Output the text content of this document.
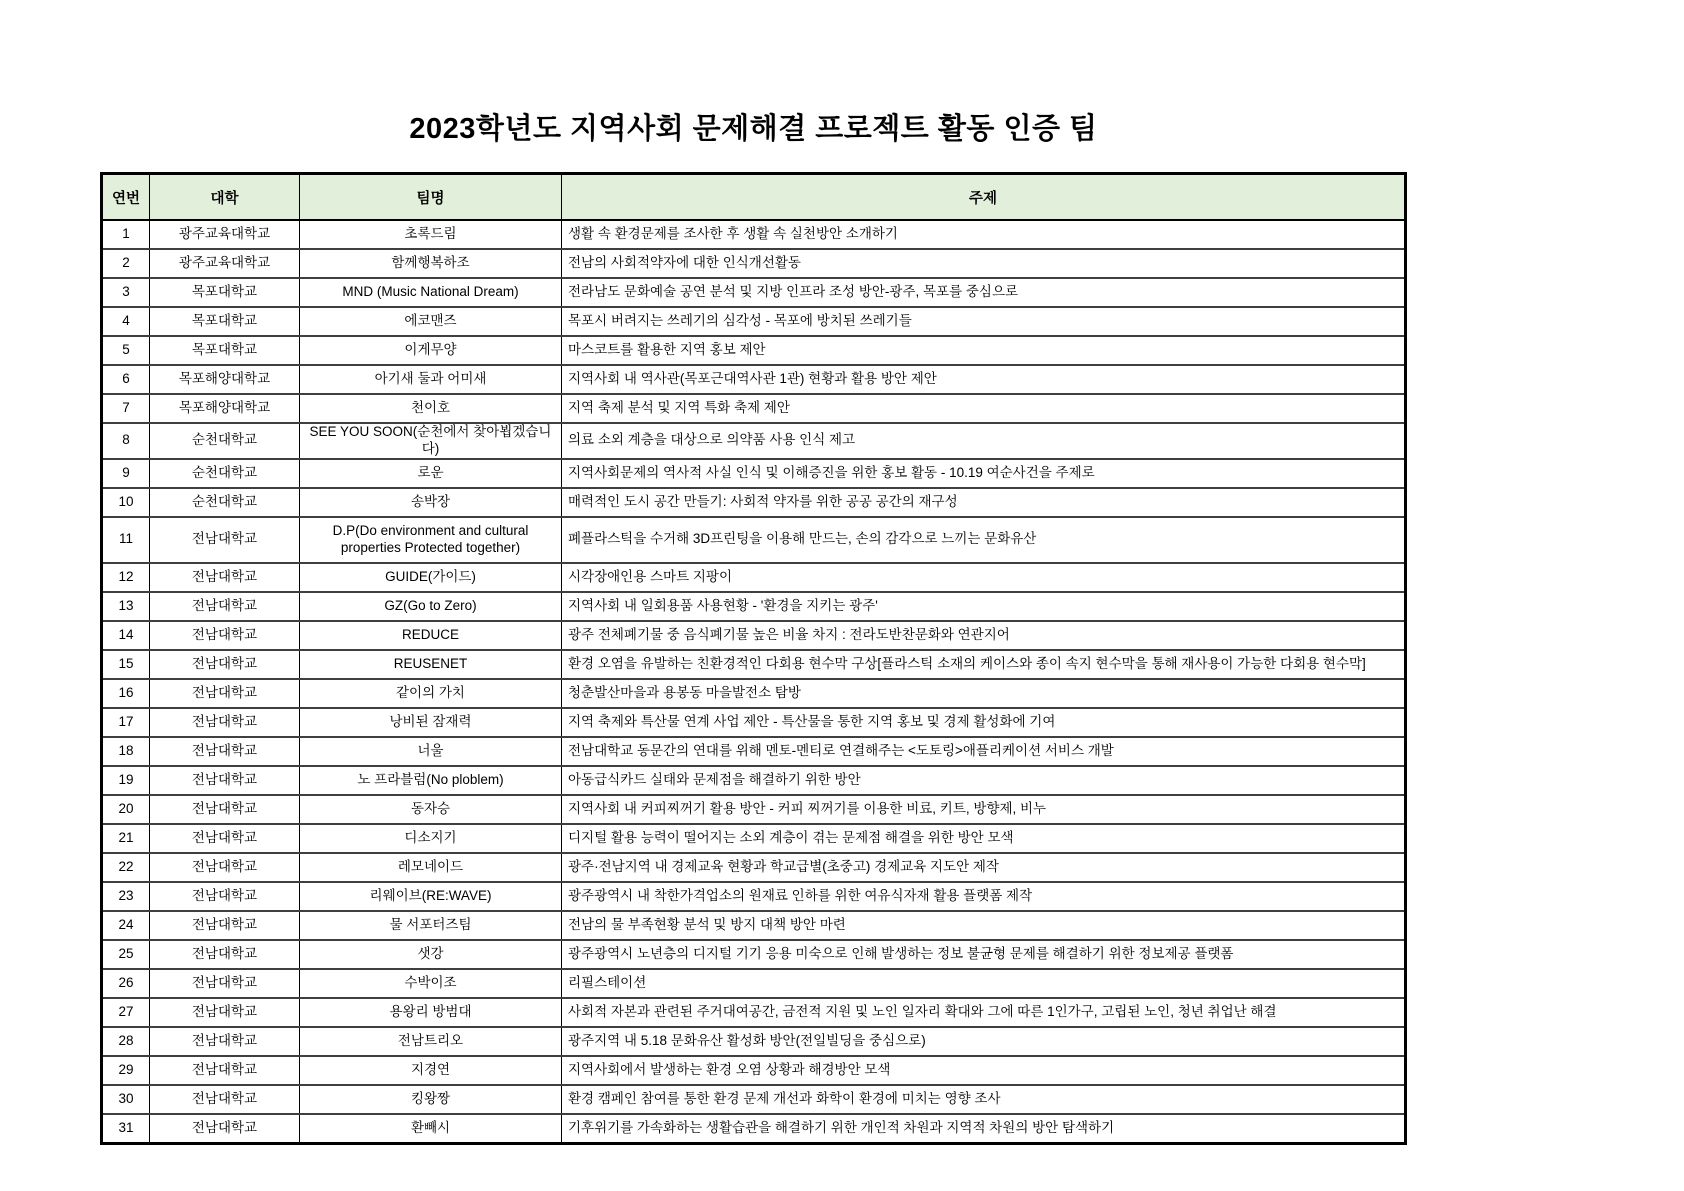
2023학년도 지역사회 문제해결 프로젝트 활동 인증 팀
연번	대학	팀명	주제
1	광주교육대학교	초록드림	생활 속 환경문제를 조사한 후 생활 속 실천방안 소개하기
2	광주교육대학교	함께행복하조	전남의 사회적약자에 대한 인식개선활동
3	목포대학교	MND (Music National Dream)	전라남도 문화예술 공연 분석 및 지방 인프라 조성 방안-광주, 목포를 중심으로
4	목포대학교	에코맨즈	목포시 버려지는 쓰레기의 심각성 - 목포에 방치된 쓰레기들
5	목포대학교	이게무양	마스코트를 활용한 지역 홍보 제안
6	목포해양대학교	아기새 둘과 어미새	지역사회 내 역사관(목포근대역사관 1관) 현황과 활용 방안 제안
7	목포해양대학교	천이호	지역 축제 분석 및 지역 특화 축제 제안
8	순천대학교	SEE YOU SOON(순천에서 찾아뵙겠습니다)	의료 소외 계층을 대상으로 의약품 사용 인식 제고
9	순천대학교	로운	지역사회문제의 역사적 사실 인식 및 이해증진을 위한 홍보 활동 - 10.19 여순사건을 주제로
10	순천대학교	송박장	매력적인 도시 공간 만들기: 사회적 약자를 위한 공공 공간의 재구성
11	전남대학교	D.P(Do environment and cultural properties Protected together)	폐플라스틱을 수거해 3D프린팅을 이용해 만드는, 손의 감각으로 느끼는 문화유산
12	전남대학교	GUIDE(가이드)	시각장애인용 스마트 지팡이
13	전남대학교	GZ(Go to Zero)	지역사회 내 일회용품 사용현황 - '환경을 지키는 광주'
14	전남대학교	REDUCE	광주 전체폐기물 중 음식폐기물 높은 비율 차지 : 전라도반찬문화와 연관지어
15	전남대학교	REUSENET	환경 오염을 유발하는 친환경적인 다회용 현수막 구상[플라스틱 소재의 케이스와 종이 속지 현수막을 통해 재사용이 가능한 다회용 현수막]
16	전남대학교	같이의 가치	청춘발산마을과 용봉동 마을발전소 탐방
17	전남대학교	낭비된 잠재력	지역 축제와 특산물 연계 사업 제안 - 특산물을 통한 지역 홍보 및 경제 활성화에 기여
18	전남대학교	너울	전남대학교 동문간의 연대를 위해 멘토-멘티로 연결해주는 <도토링>애플리케이션 서비스 개발
19	전남대학교	노 프라블럼(No ploblem)	아동급식카드 실태와 문제점을 해결하기 위한 방안
20	전남대학교	동자승	지역사회 내 커피찌꺼기 활용 방안 - 커피 찌꺼기를 이용한 비료, 키트, 방향제, 비누
21	전남대학교	디소지기	디지털 활용 능력이 떨어지는 소외 계층이 겪는 문제점 해결을 위한 방안 모색
22	전남대학교	레모네이드	광주·전남지역 내 경제교육 현황과 학교급별(초중고) 경제교육 지도안 제작
23	전남대학교	리웨이브(RE:WAVE)	광주광역시 내 착한가격업소의 원재료 인하를 위한 여유식자재 활용 플랫폼 제작
24	전남대학교	물 서포터즈팀	전남의 물 부족현황 분석 및 방지 대책 방안 마련
25	전남대학교	샛강	광주광역시 노년층의 디지털 기기 응용 미숙으로 인해 발생하는 정보 불균형 문제를 해결하기 위한 정보제공 플랫폼
26	전남대학교	수박이조	리필스테이션
27	전남대학교	용왕리 방범대	사회적 자본과 관련된 주거대여공간, 금전적 지원 및 노인 일자리 확대와 그에 따른 1인가구, 고립된 노인, 청년 취업난 해결
28	전남대학교	전남트리오	광주지역 내 5.18 문화유산 활성화 방안(전일빌딩을 중심으로)
29	전남대학교	지경연	지역사회에서 발생하는 환경 오염 상황과 해경방안 모색
30	전남대학교	킹왕짱	환경 캠페인 참여를 통한 환경 문제 개선과 화학이 환경에 미치는 영향 조사
31	전남대학교	환빼시	기후위기를 가속화하는 생활습관을 해결하기 위한 개인적 차원과 지역적 차원의 방안 탐색하기
